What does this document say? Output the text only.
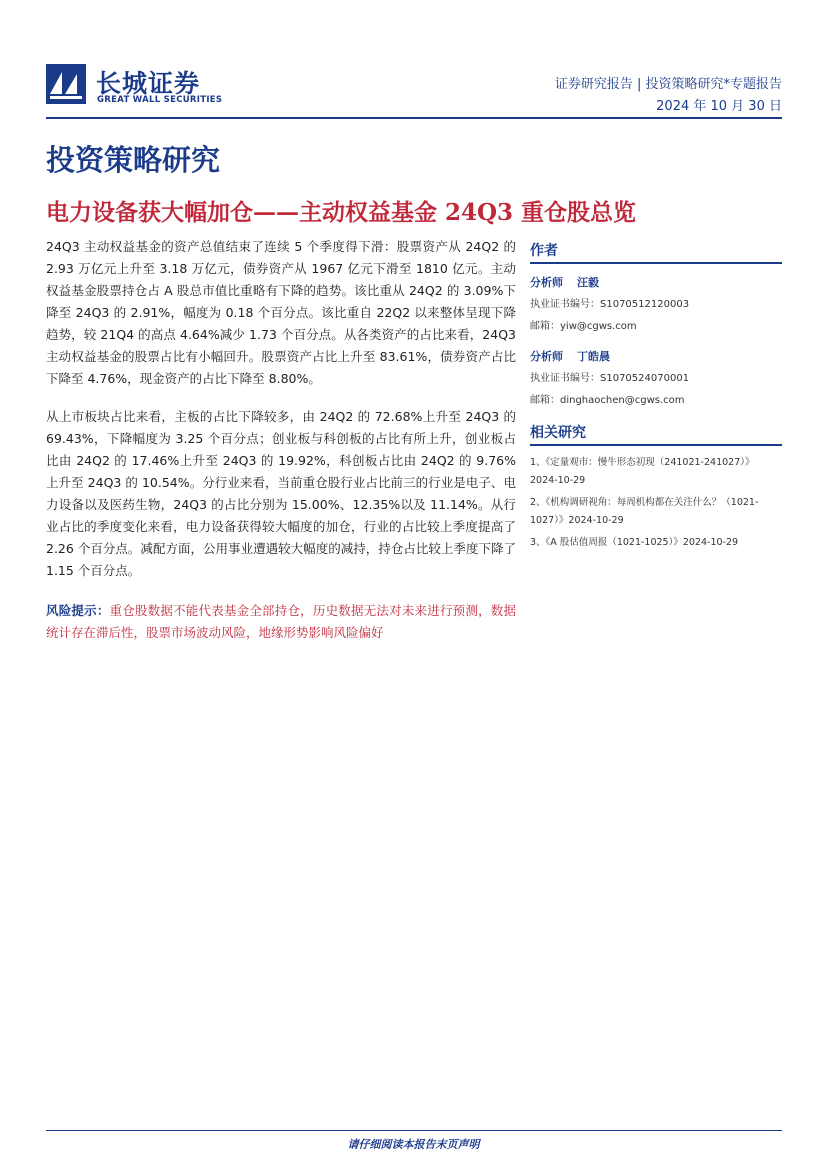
长城证券
GREAT WALL SECURITIES
证券研究报告 | 投资策略研究*专题报告
2024 年 10 月 30 日
投资策略研究
电力设备获大幅加仓——主动权益基金 24Q3 重仓股总览

24Q3 主动权益基金的资产总值结束了连续 5 个季度得下滑：股票资产从 24Q2 的 2.93 万亿元上升至 3.18 万亿元，债券资产从 1967 亿元下滑至 1810 亿元。主动权益基金股票持仓占 A 股总市值比重略有下降的趋势。该比重从 24Q2 的 3.09%下降至 24Q3 的 2.91%，幅度为 0.18 个百分点。该比重自 22Q2 以来整体呈现下降趋势，较 21Q4 的高点 4.64%减少 1.73 个百分点。从各类资产的占比来看，24Q3 主动权益基金的股票占比有小幅回升。股票资产占比上升至 83.61%，债券资产占比下降至 4.76%，现金资产的占比下降至 8.80%。

从上市板块占比来看，主板的占比下降较多，由 24Q2 的 72.68%上升至 24Q3 的 69.43%，下降幅度为 3.25 个百分点；创业板与科创板的占比有所上升，创业板占比由 24Q2 的 17.46%上升至 24Q3 的 19.92%，科创板占比由 24Q2 的 9.76%上升至 24Q3 的 10.54%。分行业来看，当前重仓股行业占比前三的行业是电子、电力设备以及医药生物，24Q3 的占比分别为 15.00%、12.35%以及 11.14%。从行业占比的季度变化来看，电力设备获得较大幅度的加仓，行业的占比较上季度提高了 2.26 个百分点。减配方面，公用事业遭遇较大幅度的减持，持仓占比较上季度下降了 1.15 个百分点。

风险提示：重仓股数据不能代表基金全部持仓，历史数据无法对未来进行预测，数据统计存在滞后性，股票市场波动风险，地缘形势影响风险偏好

作者
分析师 汪毅
执业证书编号：S1070512120003
邮箱：yiw@cgws.com
分析师 丁皓晨
执业证书编号：S1070524070001
邮箱：dinghaochen@cgws.com
相关研究
1、《定量观市：慢牛形态初现（241021-241027）》 2024-10-29
2、《机构调研视角：每周机构都在关注什么？（1021-1027）》2024-10-29
3、《A 股估值周报（1021-1025）》2024-10-29
请仔细阅读本报告末页声明
